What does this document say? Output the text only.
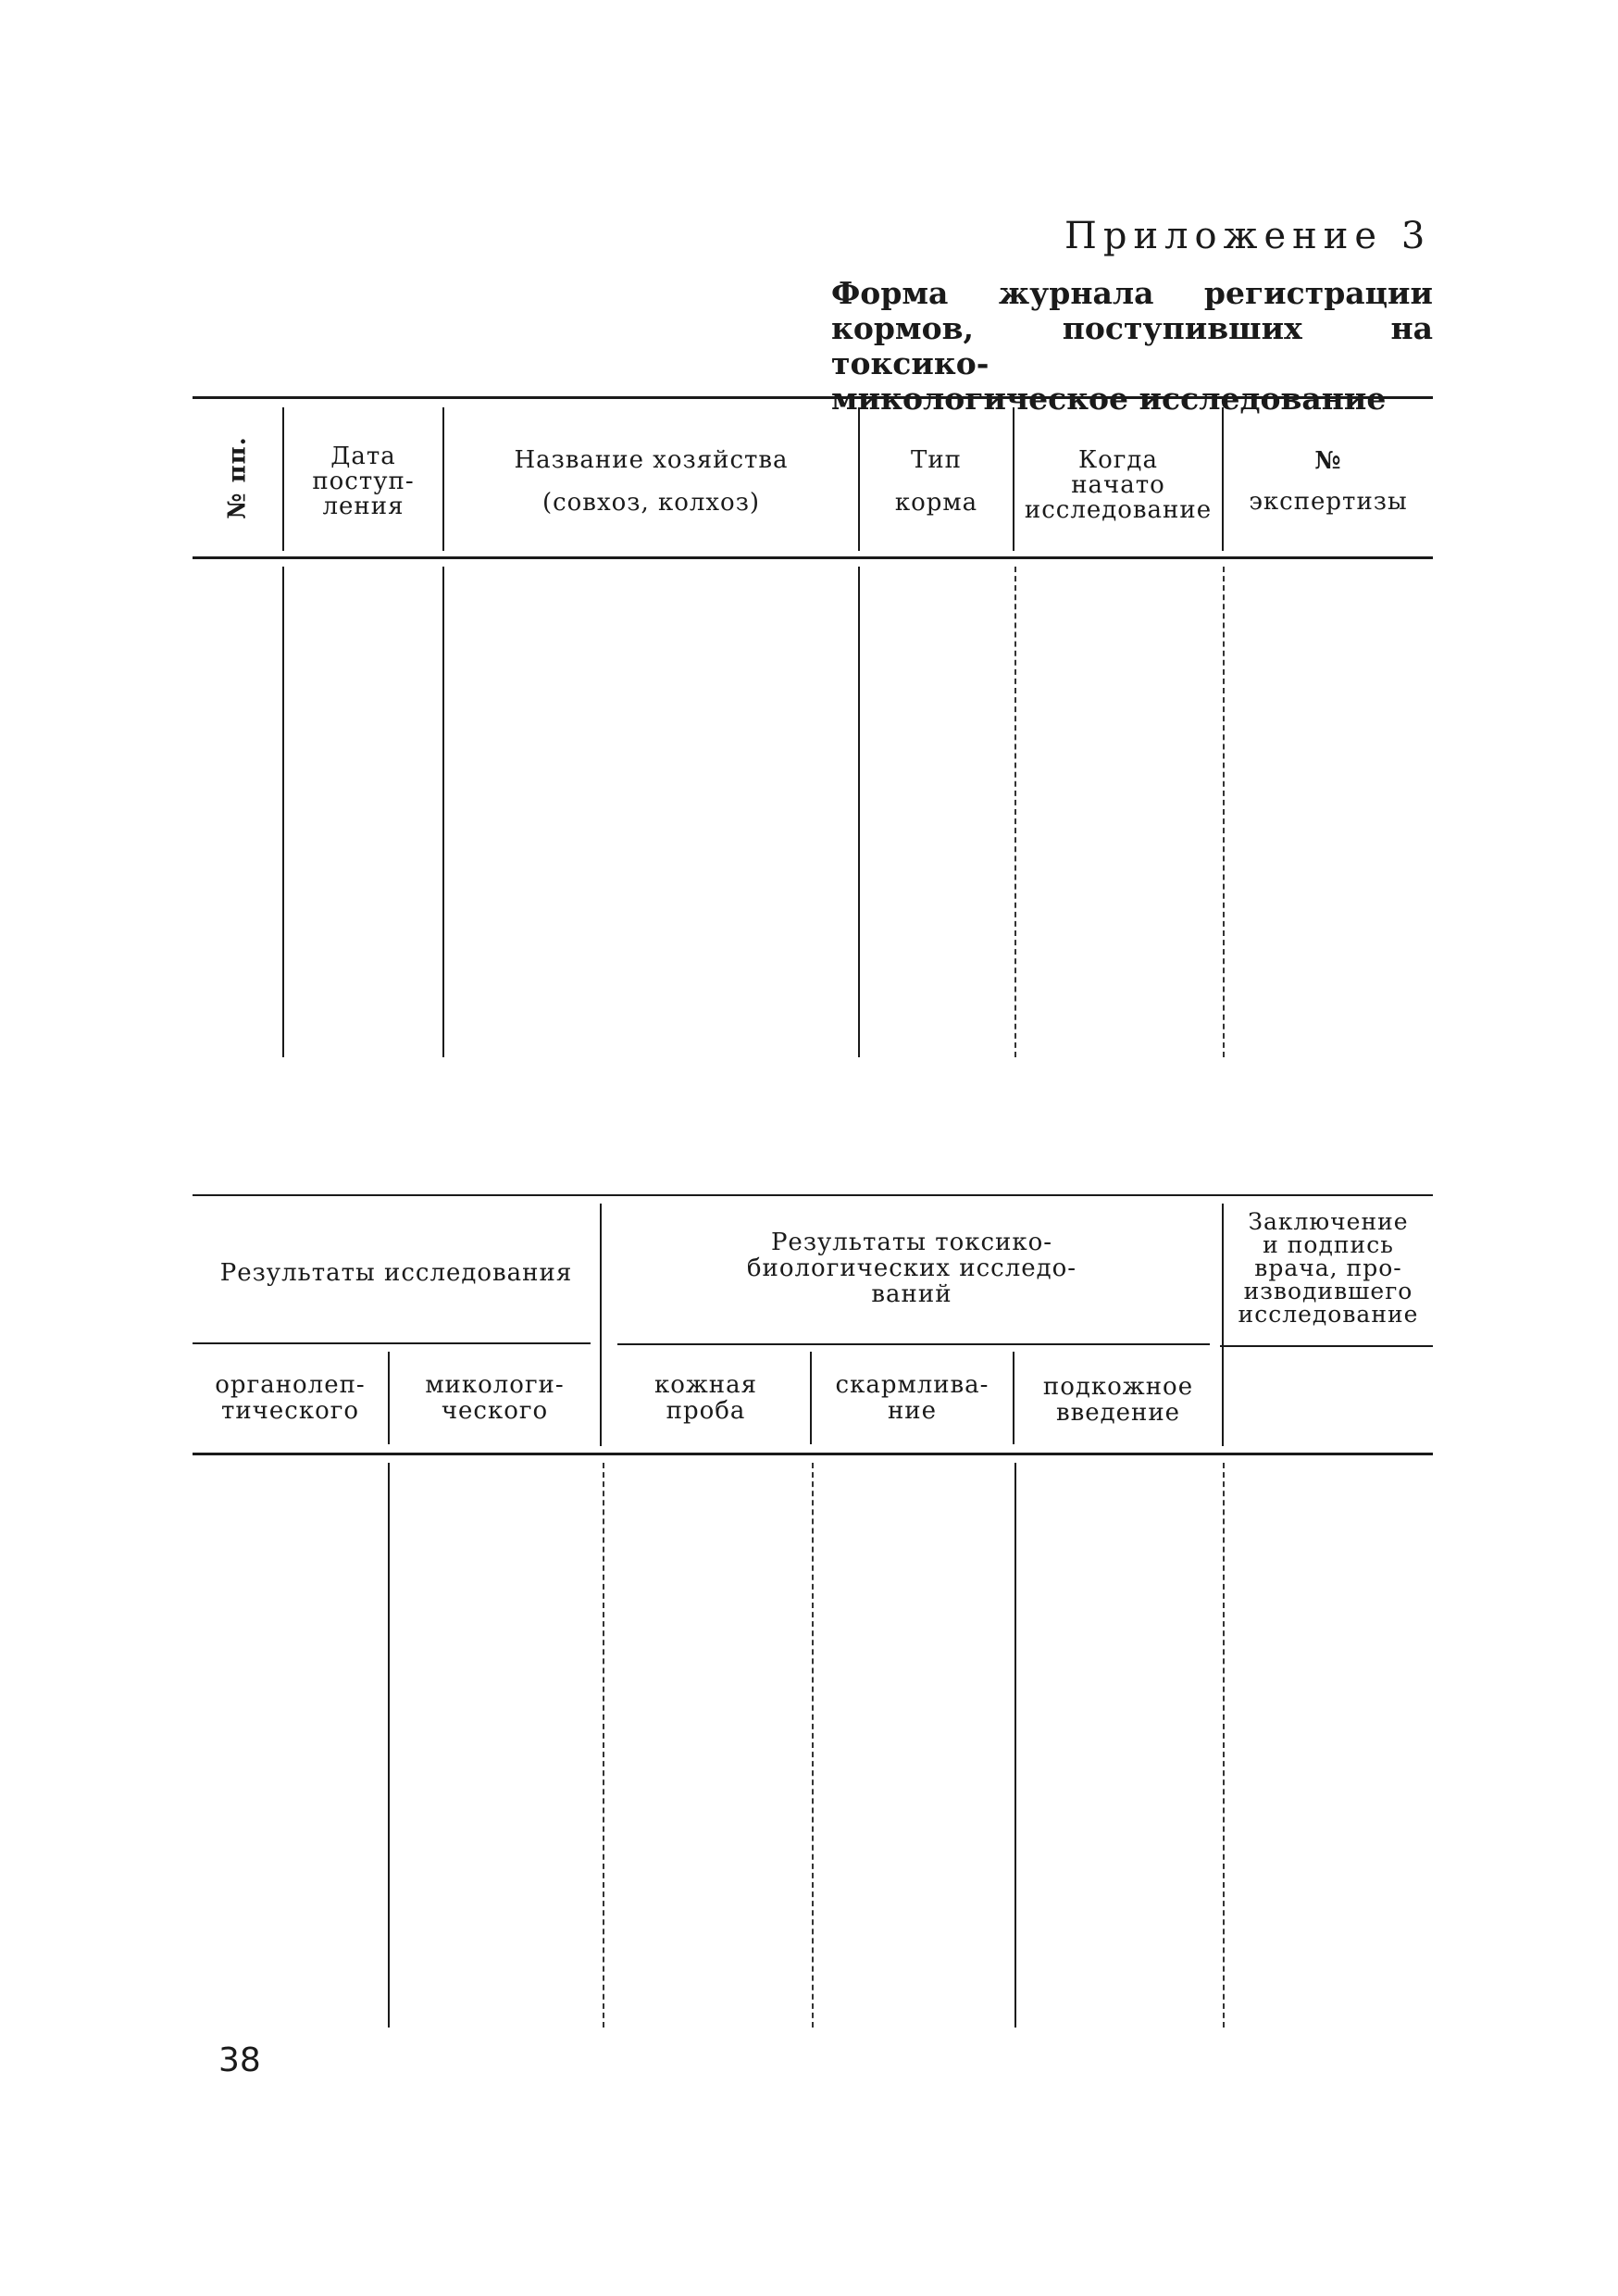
Приложение 3
Форма журнала регистрации
кормов, поступивших на токсико-
микологическое исследование
№ пп.	Дата
поступ-
ления
Название хозяйства
(совхоз, колхоз)
Тип
корма
Когда
начато
исследование
№
экспертизы
Результаты исследования
Результаты токсико-
биологических исследо-
ваний
Заключение
и подпись
врача, про-
изводившего
исследование
органолеп-
тического
микологи-
ческого
кожная
проба
скармлива-
ние
подкожное
введение
38
